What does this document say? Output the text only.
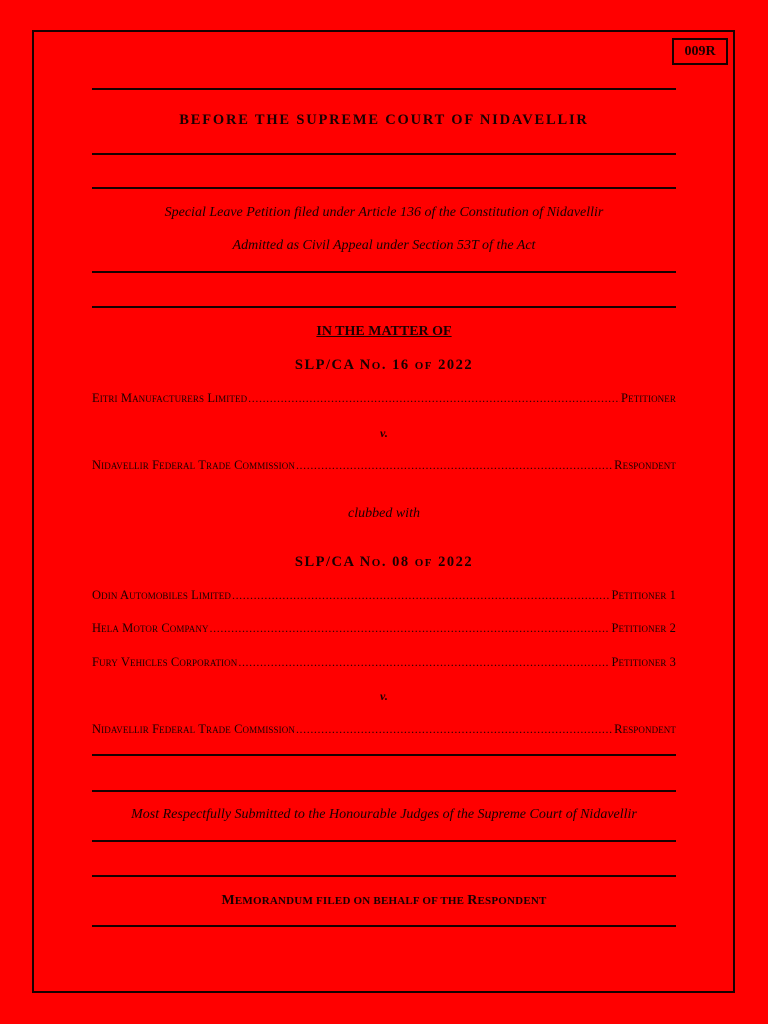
009R
BEFORE THE SUPREME COURT OF NIDAVELLIR
Special Leave Petition filed under Article 136 of the Constitution of Nidavellir
Admitted as Civil Appeal under Section 53T of the Act
IN THE MATTER OF
SLP/CA NO. 16 OF 2022
Eitri Manufacturers Limited .....	Petitioner
v.
Nidavellir Federal Trade Commission .....	Respondent
clubbed with
SLP/CA NO. 08 OF 2022
Odin Automobiles Limited .....	Petitioner 1
Hela Motor Company .....	Petitioner 2
Fury Vehicles Corporation .....	Petitioner 3
v.
Nidavellir Federal Trade Commission .....	Respondent
Most Respectfully Submitted to the Honourable Judges of the Supreme Court of Nidavellir
MEMORANDUM FILED ON BEHALF OF THE RESPONDENT
